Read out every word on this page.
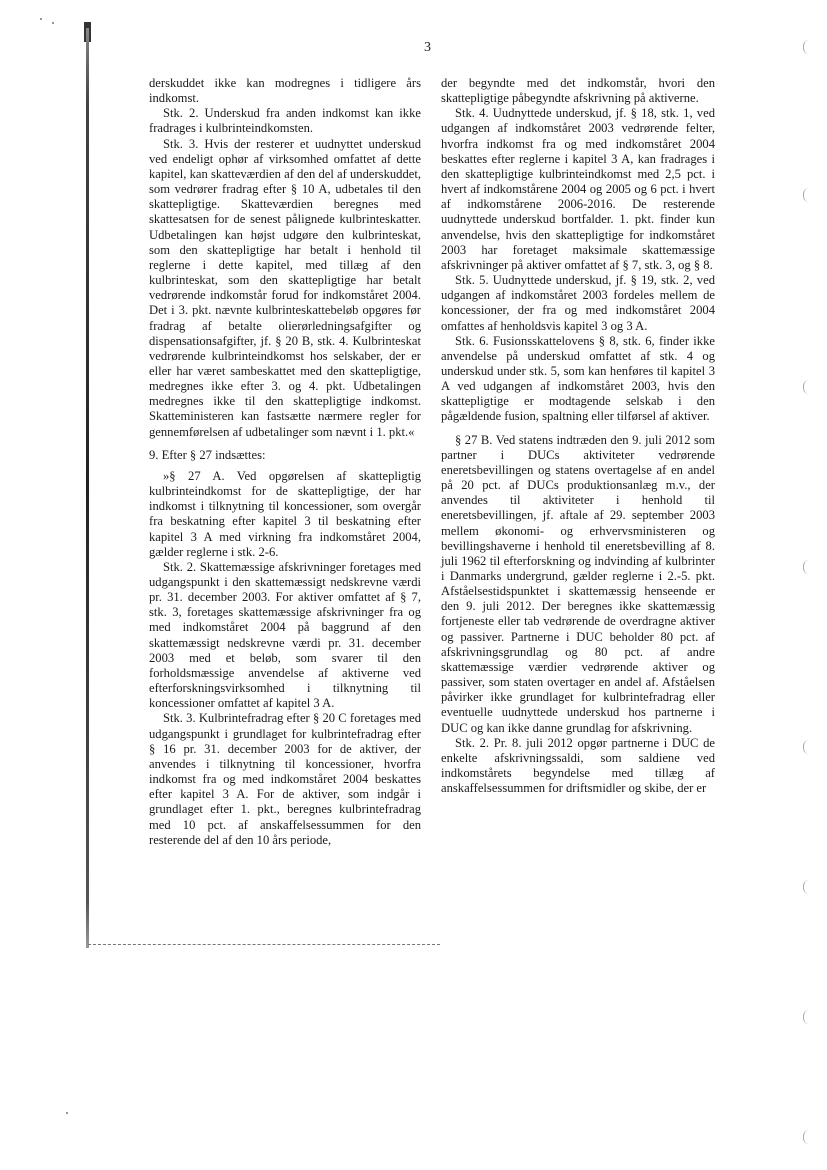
3

derskuddet ikke kan modregnes i tidligere års indkomst.

Stk. 2. Underskud fra anden indkomst kan ikke fradrages i kulbrinteindkomsten.

Stk. 3. Hvis der resterer et uudnyttet underskud ved endeligt ophør af virksomhed omfattet af dette kapitel, kan skatteværdien af den del af underskuddet, som vedrører fradrag efter § 10 A, udbetales til den skattepligtige. Skatteværdien beregnes med skattesatsen for de senest pålignede kulbrinteskatter. Udbetalingen kan højst udgøre den kulbrinteskat, som den skattepligtige har betalt i henhold til reglerne i dette kapitel, med tillæg af den kulbrinteskat, som den skattepligtige har betalt vedrørende indkomstår forud for indkomståret 2004. Det i 3. pkt. nævnte kulbrinteskattebeløb opgøres før fradrag af betalte olierørledningsafgifter og dispensationsafgifter, jf. § 20 B, stk. 4. Kulbrinteskat vedrørende kulbrinteindkomst hos selskaber, der er eller har været sambeskattet med den skattepligtige, medregnes ikke efter 3. og 4. pkt. Udbetalingen medregnes ikke til den skattepligtige indkomst. Skatteministeren kan fastsætte nærmere regler for gennemførelsen af udbetalinger som nævnt i 1. pkt.«

9. Efter § 27 indsættes:

»§ 27 A. Ved opgørelsen af skattepligtig kulbrinteindkomst for de skattepligtige, der har indkomst i tilknytning til koncessioner, som overgår fra beskatning efter kapitel 3 til beskatning efter kapitel 3 A med virkning fra indkomståret 2004, gælder reglerne i stk. 2-6.

Stk. 2. Skattemæssige afskrivninger foretages med udgangspunkt i den skattemæssigt nedskrevne værdi pr. 31. december 2003. For aktiver omfattet af § 7, stk. 3, foretages skattemæssige afskrivninger fra og med indkomståret 2004 på baggrund af den skattemæssigt nedskrevne værdi pr. 31. december 2003 med et beløb, som svarer til den forholdsmæssige anvendelse af aktiverne ved efterforskningsvirksomhed i tilknytning til koncessioner omfattet af kapitel 3 A.

Stk. 3. Kulbrintefradrag efter § 20 C foretages med udgangspunkt i grundlaget for kulbrintefradrag efter § 16 pr. 31. december 2003 for de aktiver, der anvendes i tilknytning til koncessioner, hvorfra indkomst fra og med indkomståret 2004 beskattes efter kapitel 3 A. For de aktiver, som indgår i grundlaget efter 1. pkt., beregnes kulbrintefradrag med 10 pct. af anskaffelsessummen for den resterende del af den 10 års periode,

der begyndte med det indkomstår, hvori den skattepligtige påbegyndte afskrivning på aktiverne.

Stk. 4. Uudnyttede underskud, jf. § 18, stk. 1, ved udgangen af indkomståret 2003 vedrørende felter, hvorfra indkomst fra og med indkomståret 2004 beskattes efter reglerne i kapitel 3 A, kan fradrages i den skattepligtige kulbrinteindkomst med 2,5 pct. i hvert af indkomstårene 2004 og 2005 og 6 pct. i hvert af indkomstårene 2006-2016. De resterende uudnyttede underskud bortfalder. 1. pkt. finder kun anvendelse, hvis den skattepligtige for indkomståret 2003 har foretaget maksimale skattemæssige afskrivninger på aktiver omfattet af § 7, stk. 3, og § 8.

Stk. 5. Uudnyttede underskud, jf. § 19, stk. 2, ved udgangen af indkomståret 2003 fordeles mellem de koncessioner, der fra og med indkomståret 2004 omfattes af henholdsvis kapitel 3 og 3 A.

Stk. 6. Fusionsskattelovens § 8, stk. 6, finder ikke anvendelse på underskud omfattet af stk. 4 og underskud under stk. 5, som kan henføres til kapitel 3 A ved udgangen af indkomståret 2003, hvis den skattepligtige er modtagende selskab i den pågældende fusion, spaltning eller tilførsel af aktiver.

§ 27 B. Ved statens indtræden den 9. juli 2012 som partner i DUCs aktiviteter vedrørende eneretsbevillingen og statens overtagelse af en andel på 20 pct. af DUCs produktionsanlæg m.v., der anvendes til aktiviteter i henhold til eneretsbevillingen, jf. aftale af 29. september 2003 mellem økonomi- og erhvervsministeren og bevillingshaverne i henhold til eneretsbevilling af 8. juli 1962 til efterforskning og indvinding af kulbrinter i Danmarks undergrund, gælder reglerne i 2.-5. pkt. Afståelsestidspunktet i skattemæssig henseende er den 9. juli 2012. Der beregnes ikke skattemæssig fortjeneste eller tab vedrørende de overdragne aktiver og passiver. Partnerne i DUC beholder 80 pct. af afskrivningsgrundlag og 80 pct. af andre skattemæssige værdier vedrørende aktiver og passiver, som staten overtager en andel af. Afståelsen påvirker ikke grundlaget for kulbrintefradrag eller eventuelle uudnyttede underskud hos partnerne i DUC og kan ikke danne grundlag for afskrivning.

Stk. 2. Pr. 8. juli 2012 opgør partnerne i DUC de enkelte afskrivningssaldi, som saldiene ved indkomstårets begyndelse med tillæg af anskaffelsessummen for driftsmidler og skibe, der er
